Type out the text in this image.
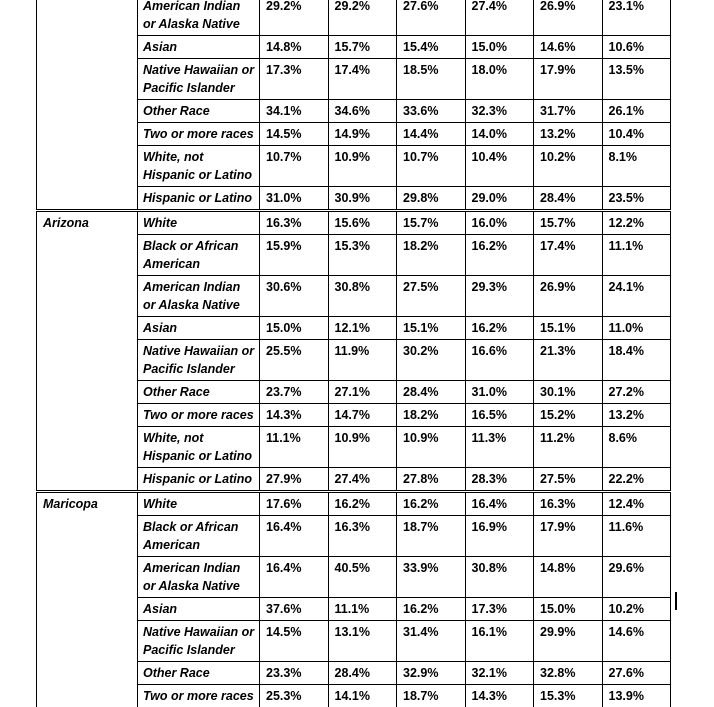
	American Indian or Alaska Native	29.2%	29.2%	27.6%	27.4%	26.9%	23.1%
	Asian	14.8%	15.7%	15.4%	15.0%	14.6%	10.6%
	Native Hawaiian or Pacific Islander	17.3%	17.4%	18.5%	18.0%	17.9%	13.5%
	Other Race	34.1%	34.6%	33.6%	32.3%	31.7%	26.1%
	Two or more races	14.5%	14.9%	14.4%	14.0%	13.2%	10.4%
	White, not Hispanic or Latino	10.7%	10.9%	10.7%	10.4%	10.2%	8.1%
	Hispanic or Latino	31.0%	30.9%	29.8%	29.0%	28.4%	23.5%
Arizona	White	16.3%	15.6%	15.7%	16.0%	15.7%	12.2%
	Black or African American	15.9%	15.3%	18.2%	16.2%	17.4%	11.1%
	American Indian or Alaska Native	30.6%	30.8%	27.5%	29.3%	26.9%	24.1%
	Asian	15.0%	12.1%	15.1%	16.2%	15.1%	11.0%
	Native Hawaiian or Pacific Islander	25.5%	11.9%	30.2%	16.6%	21.3%	18.4%
	Other Race	23.7%	27.1%	28.4%	31.0%	30.1%	27.2%
	Two or more races	14.3%	14.7%	18.2%	16.5%	15.2%	13.2%
	White, not Hispanic or Latino	11.1%	10.9%	10.9%	11.3%	11.2%	8.6%
	Hispanic or Latino	27.9%	27.4%	27.8%	28.3%	27.5%	22.2%
Maricopa	White	17.6%	16.2%	16.2%	16.4%	16.3%	12.4%
	Black or African American	16.4%	16.3%	18.7%	16.9%	17.9%	11.6%
	American Indian or Alaska Native	16.4%	40.5%	33.9%	30.8%	14.8%	29.6%
	Asian	37.6%	11.1%	16.2%	17.3%	15.0%	10.2%
	Native Hawaiian or Pacific Islander	14.5%	13.1%	31.4%	16.1%	29.9%	14.6%
	Other Race	23.3%	28.4%	32.9%	32.1%	32.8%	27.6%
	Two or more races	25.3%	14.1%	18.7%	14.3%	15.3%	13.9%
